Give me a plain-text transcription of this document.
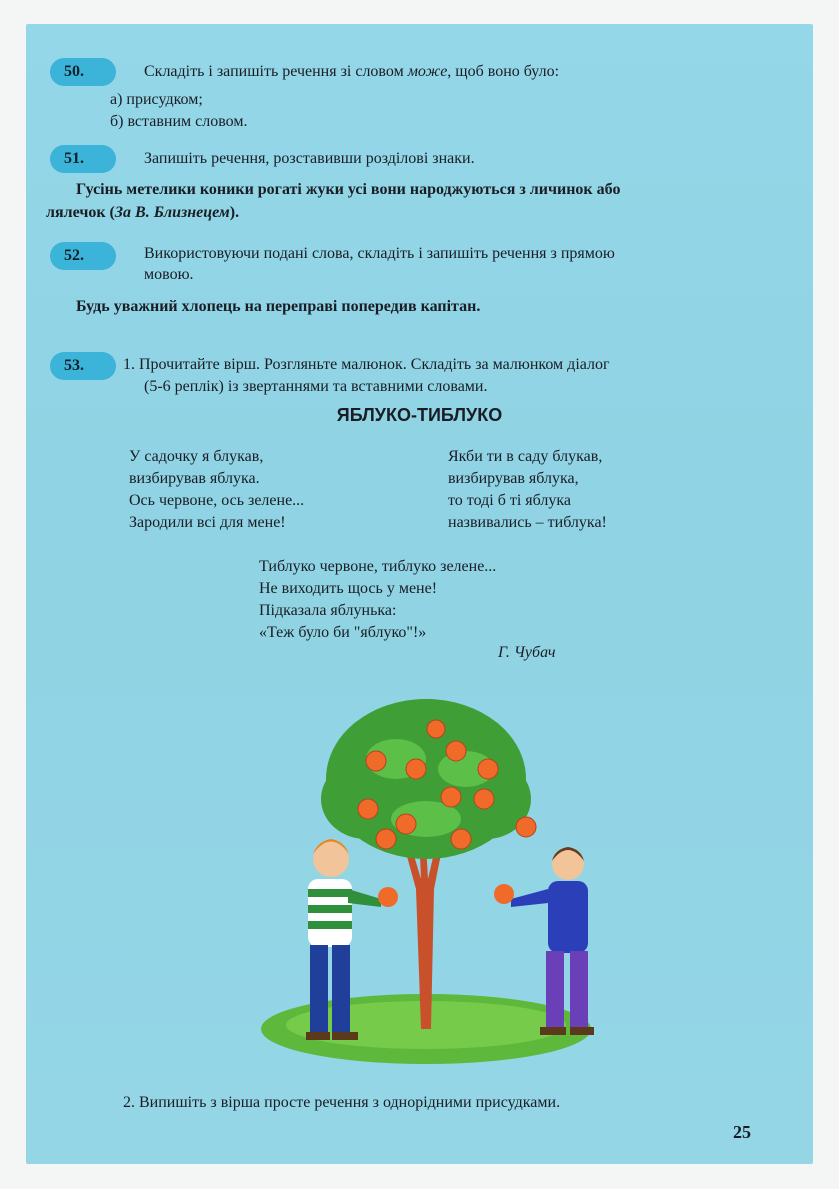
50.	Складіть і запишіть речення зі словом може, щоб воно було:
а) присудком;
б) вставним словом.
51.	Запишіть речення, розставивши розділові знаки.
Гусінь метелики коники рогаті жуки усі вони народжуються з личинок або
лялечок (За В. Близнецем).
52.	Використовуючи подані слова, складіть і запишіть речення з прямою
мовою.
Будь уважний хлопець на переправі попередив капітан.
53.	1. Прочитайте вірш. Розгляньте малюнок. Складіть за малюнком діалог
(5-6 реплік) із звертаннями та вставними словами.
ЯБЛУКО-ТИБЛУКО
У садочку я блукав,
визбирував яблука.
Ось червоне, ось зелене...
Зародили всі для мене!
Якби ти в саду блукав,
визбирував яблука,
то тоді б ті яблука
назвивались – тиблука!
Тиблуко червоне, тиблуко зелене...
Не виходить щось у мене!
Підказала яблунька:
«Теж було би "яблуко"!»
Г. Чубач
2. Випишіть з вірша просте речення з однорідними присудками.
25
